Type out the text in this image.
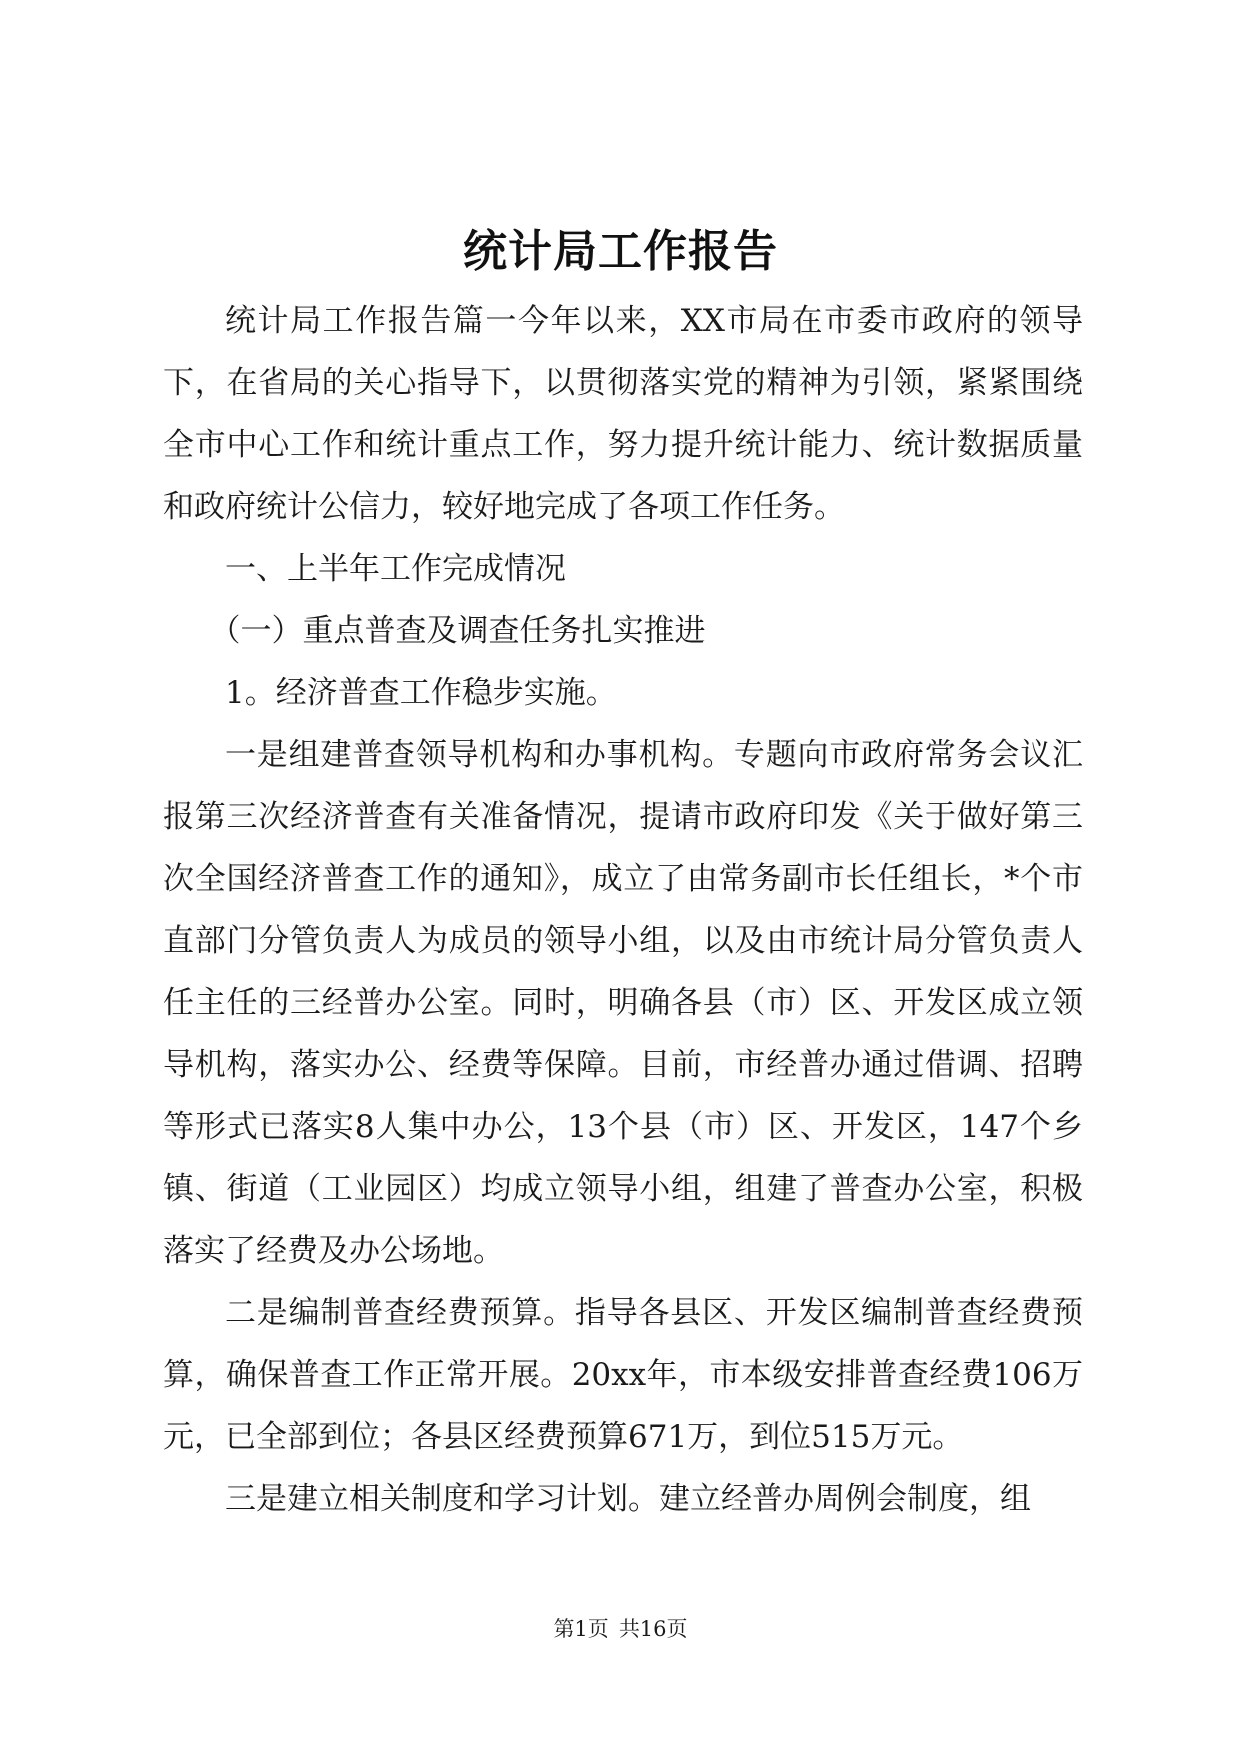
统计局工作报告

统计局工作报告篇一今年以来，XX市局在市委市政府的领导下，在省局的关心指导下，以贯彻落实党的精神为引领，紧紧围绕全市中心工作和统计重点工作，努力提升统计能力、统计数据质量和政府统计公信力，较好地完成了各项工作任务。

一、上半年工作完成情况

（一）重点普查及调查任务扎实推进

1。经济普查工作稳步实施。

一是组建普查领导机构和办事机构。专题向市政府常务会议汇报第三次经济普查有关准备情况，提请市政府印发《关于做好第三次全国经济普查工作的通知》，成立了由常务副市长任组长，*个市直部门分管负责人为成员的领导小组，以及由市统计局分管负责人任主任的三经普办公室。同时，明确各县（市）区、开发区成立领导机构，落实办公、经费等保障。目前，市经普办通过借调、招聘等形式已落实8人集中办公，13个县（市）区、开发区，147个乡镇、街道（工业园区）均成立领导小组，组建了普查办公室，积极落实了经费及办公场地。

二是编制普查经费预算。指导各县区、开发区编制普查经费预算，确保普查工作正常开展。20xx年，市本级安排普查经费106万元，已全部到位；各县区经费预算671万，到位515万元。

三是建立相关制度和学习计划。建立经普办周例会制度，组

第1页 共16页
